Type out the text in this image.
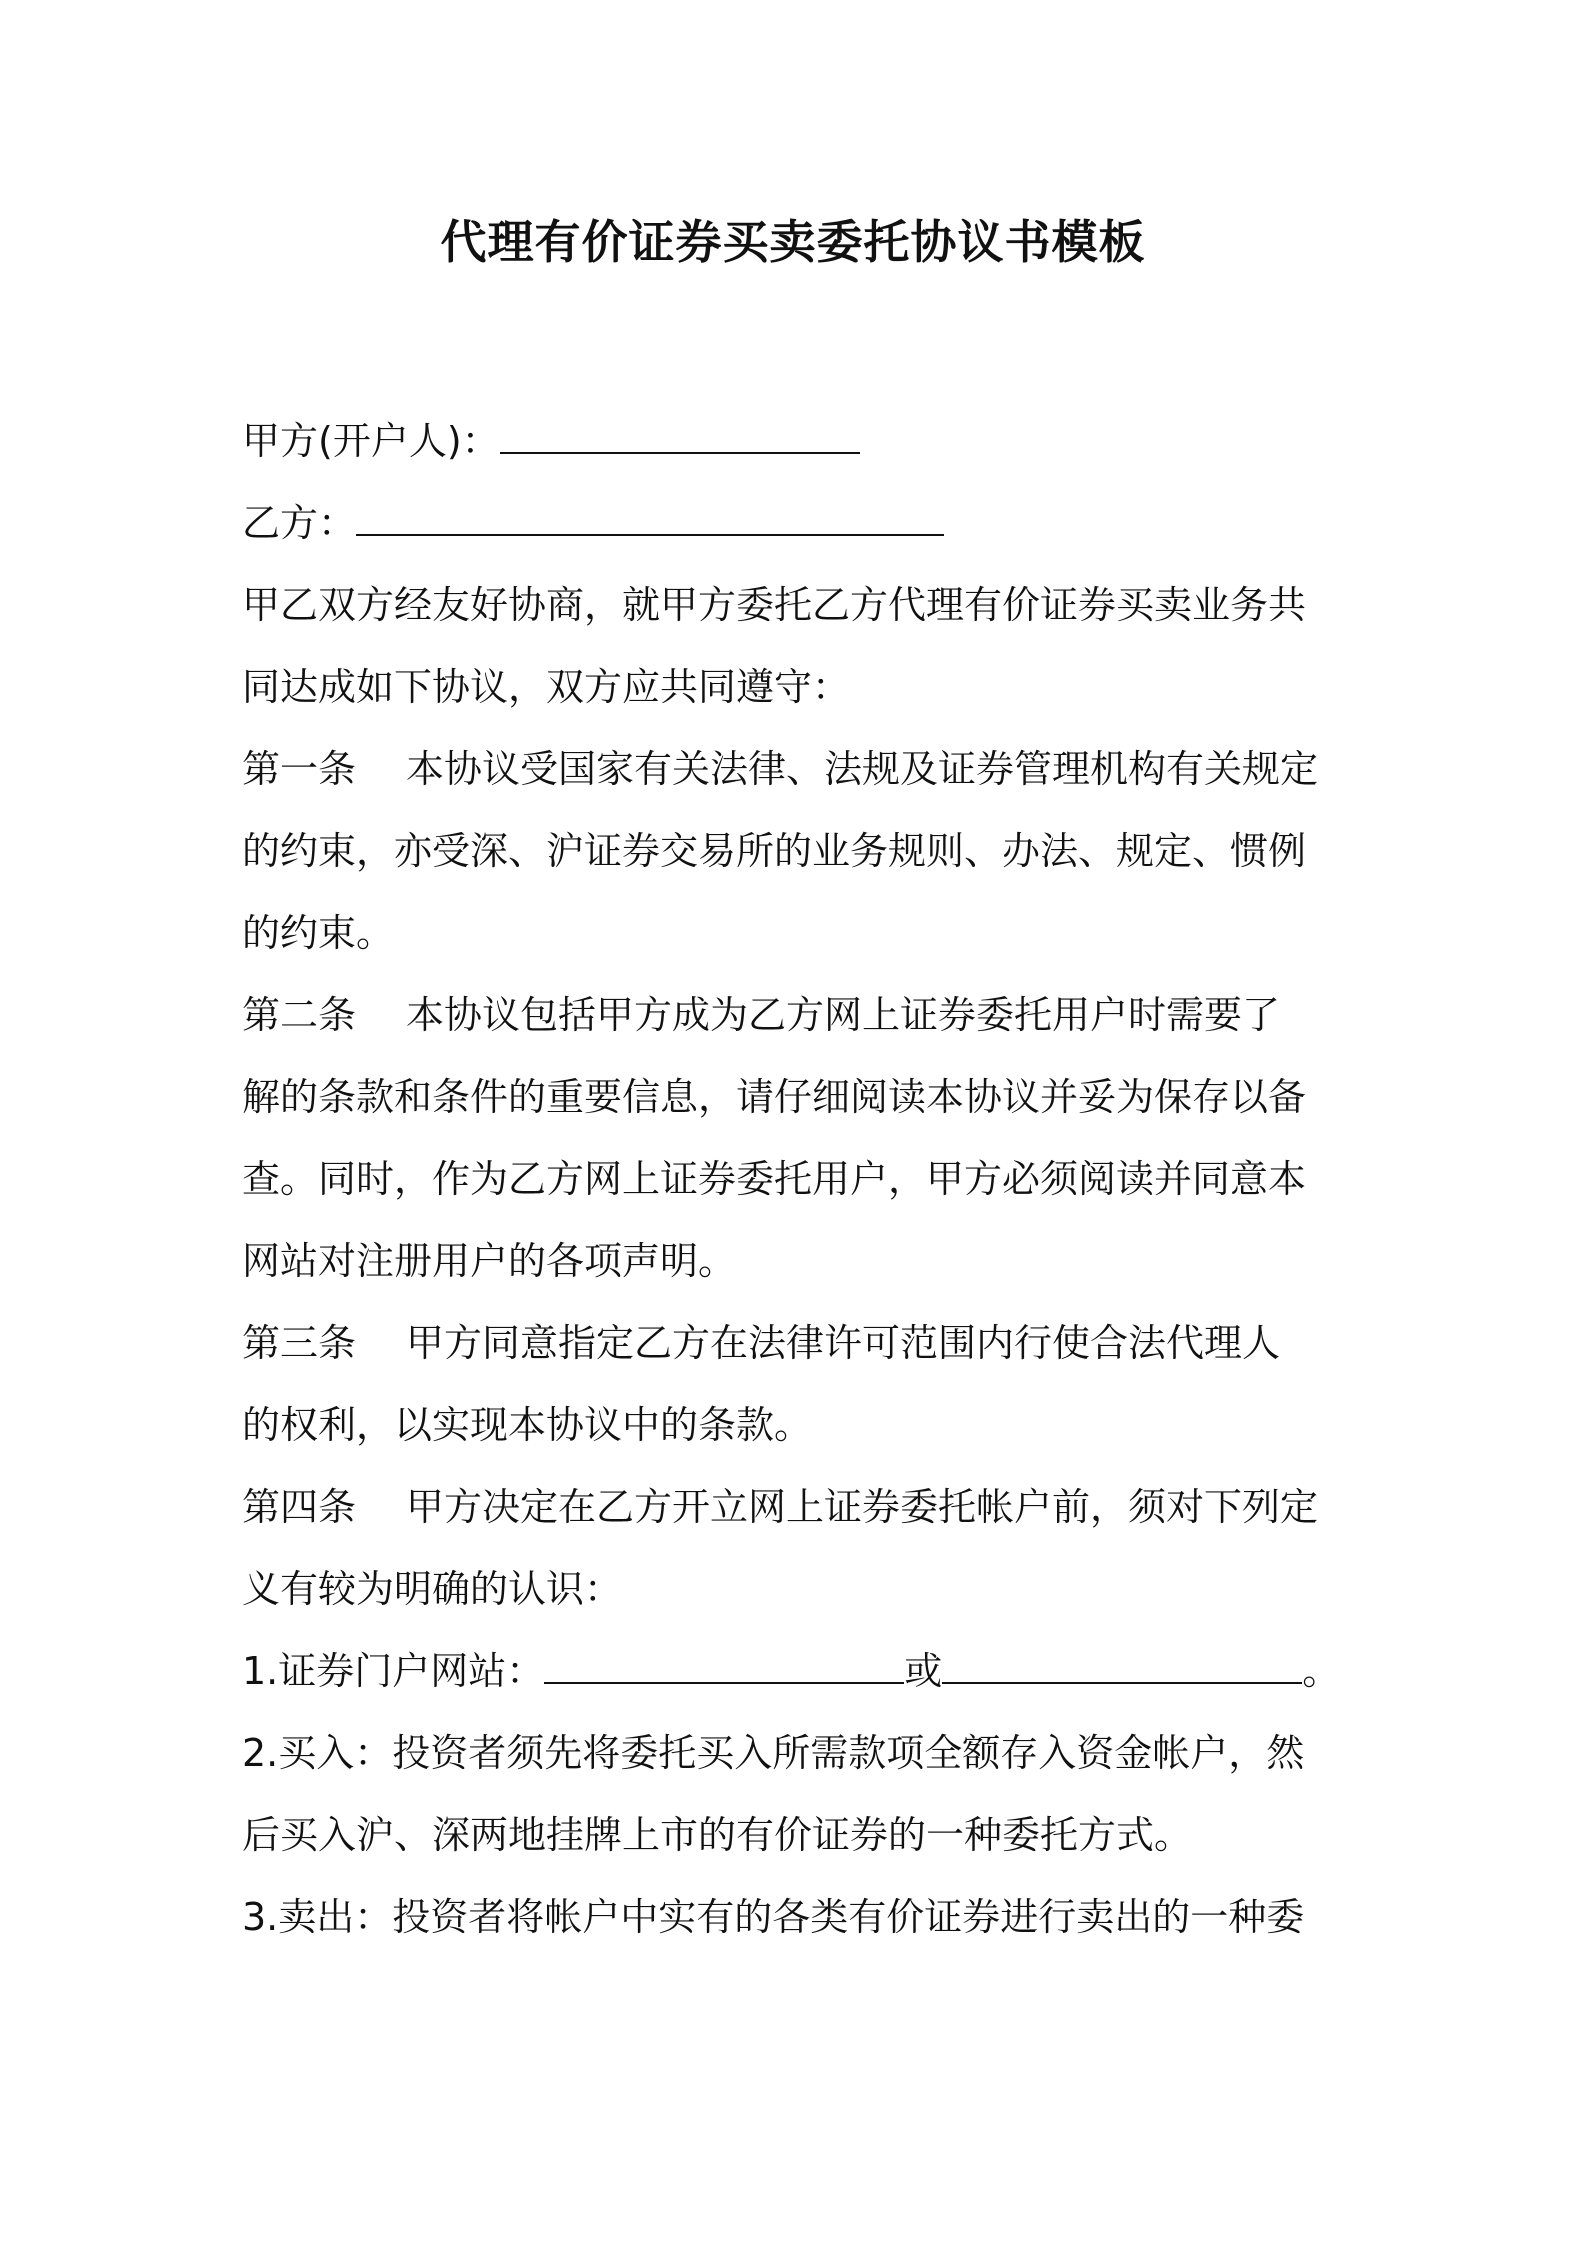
代理有价证券买卖委托协议书模板
甲方(开户人)：
乙方：
甲乙双方经友好协商，就甲方委托乙方代理有价证券买卖业务共
同达成如下协议，双方应共同遵守：
第一条 本协议受国家有关法律、法规及证券管理机构有关规定
的约束，亦受深、沪证券交易所的业务规则、办法、规定、惯例
的约束。
第二条 本协议包括甲方成为乙方网上证券委托用户时需要了
解的条款和条件的重要信息，请仔细阅读本协议并妥为保存以备
查。同时，作为乙方网上证券委托用户，甲方必须阅读并同意本
网站对注册用户的各项声明。
第三条 甲方同意指定乙方在法律许可范围内行使合法代理人
的权利，以实现本协议中的条款。
第四条 甲方决定在乙方开立网上证券委托帐户前，须对下列定
义有较为明确的认识：
1.证券门户网站：	或	。
2.买入：投资者须先将委托买入所需款项全额存入资金帐户，然
后买入沪、深两地挂牌上市的有价证券的一种委托方式。
3.卖出：投资者将帐户中实有的各类有价证券进行卖出的一种委
